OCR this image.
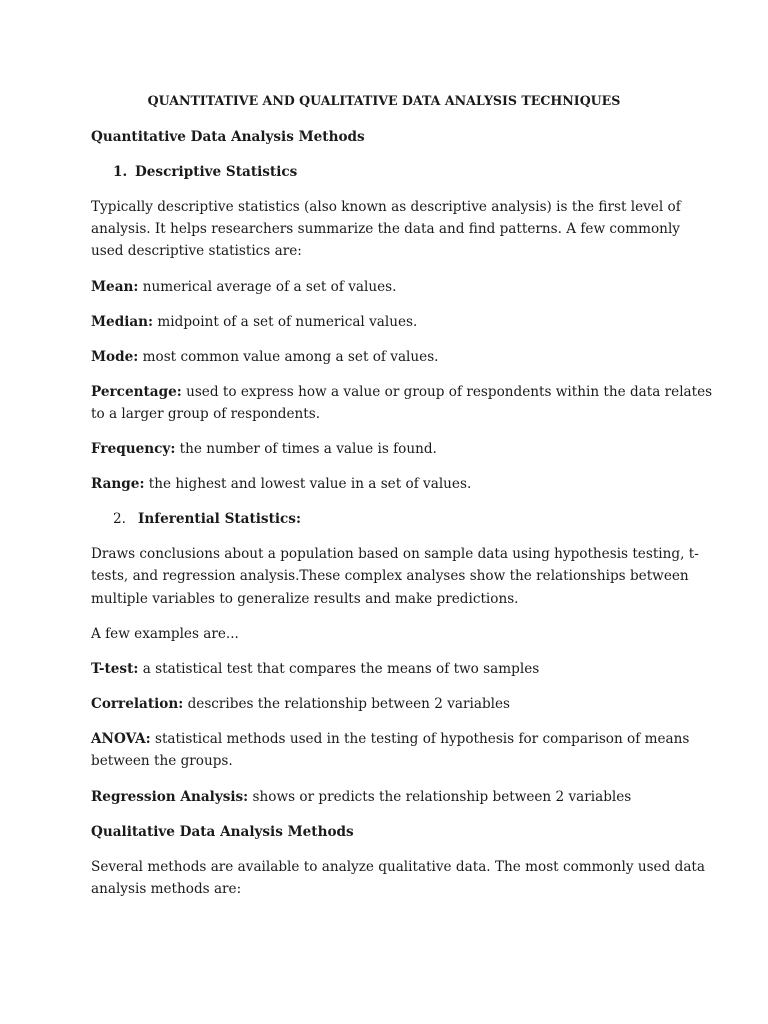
QUANTITATIVE AND QUALITATIVE DATA ANALYSIS TECHNIQUES
Quantitative Data Analysis Methods
1. Descriptive Statistics
Typically descriptive statistics (also known as descriptive analysis) is the first level of
analysis. It helps researchers summarize the data and find patterns. A few commonly
used descriptive statistics are:
Mean: numerical average of a set of values.
Median: midpoint of a set of numerical values.
Mode: most common value among a set of values.
Percentage: used to express how a value or group of respondents within the data relates
to a larger group of respondents.
Frequency: the number of times a value is found.
Range: the highest and lowest value in a set of values.
2. Inferential Statistics:
Draws conclusions about a population based on sample data using hypothesis testing, t-
tests, and regression analysis.These complex analyses show the relationships between
multiple variables to generalize results and make predictions.
A few examples are...
T-test: a statistical test that compares the means of two samples
Correlation: describes the relationship between 2 variables
ANOVA: statistical methods used in the testing of hypothesis for comparison of means
between the groups.
Regression Analysis: shows or predicts the relationship between 2 variables
Qualitative Data Analysis Methods
Several methods are available to analyze qualitative data. The most commonly used data
analysis methods are:
